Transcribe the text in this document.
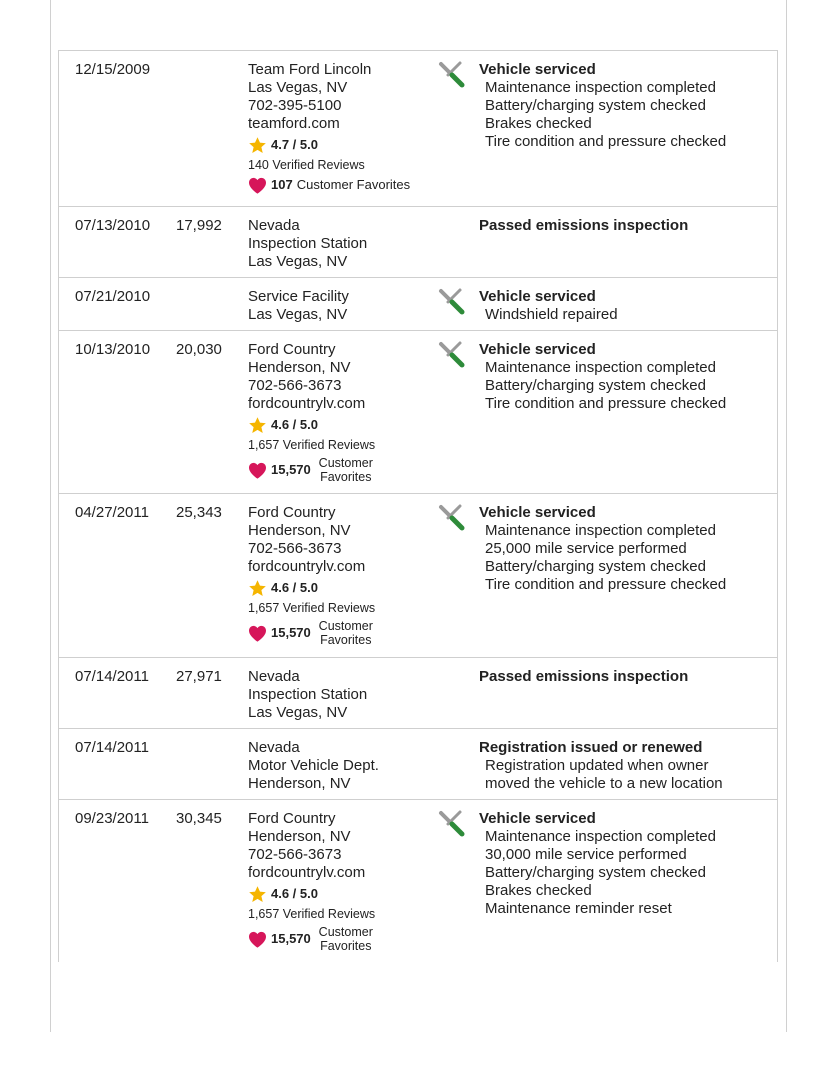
12/15/2009	Team Ford Lincoln
Las Vegas, NV
702-395-5100
teamford.com
4.7 / 5.0
140 Verified Reviews
107 Customer Favorites
Vehicle serviced
Maintenance inspection completed
Battery/charging system checked
Brakes checked
Tire condition and pressure checked
07/13/2010 17,992 Nevada
Inspection Station
Las Vegas, NV
Passed emissions inspection
07/21/2010	Service Facility
Las Vegas, NV
Vehicle serviced
Windshield repaired
10/13/2010 20,030 Ford Country
Henderson, NV
702-566-3673
fordcountrylv.com
4.6 / 5.0
1,657 Verified Reviews
15,570 Customer Favorites
Vehicle serviced
Maintenance inspection completed
Battery/charging system checked
Tire condition and pressure checked
04/27/2011 25,343 Ford Country
Henderson, NV
702-566-3673
fordcountrylv.com
4.6 / 5.0
1,657 Verified Reviews
15,570 Customer Favorites
Vehicle serviced
Maintenance inspection completed
25,000 mile service performed
Battery/charging system checked
Tire condition and pressure checked
07/14/2011 27,971 Nevada
Inspection Station
Las Vegas, NV
Passed emissions inspection
07/14/2011	Nevada
Motor Vehicle Dept.
Henderson, NV
Registration issued or renewed
Registration updated when owner
moved the vehicle to a new location
09/23/2011 30,345 Ford Country
Henderson, NV
702-566-3673
fordcountrylv.com
4.6 / 5.0
1,657 Verified Reviews
15,570 Customer Favorites
Vehicle serviced
Maintenance inspection completed
30,000 mile service performed
Battery/charging system checked
Brakes checked
Maintenance reminder reset
